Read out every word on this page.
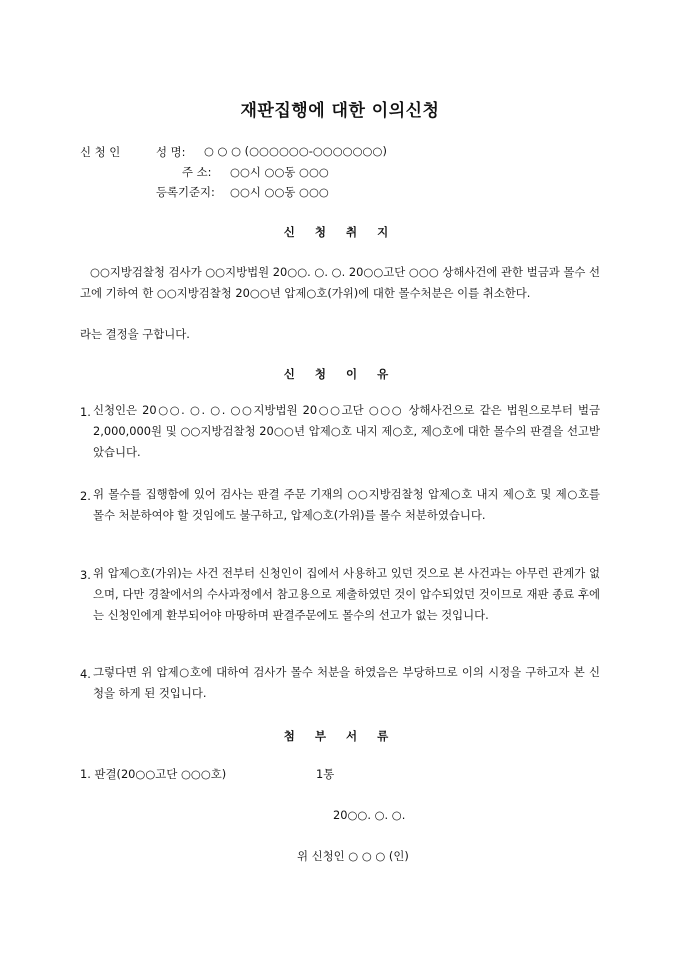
재판집행에 대한 이의신청
신 청 인	성 명: ○ ○ ○ (○○○○○○-○○○○○○○)
주 소: ○○시 ○○동 ○○○
등록기준지: ○○시 ○○동 ○○○
신 청 취 지
○○지방검찰청 검사가 ○○지방법원 20○○. ○. ○. 20○○고단 ○○○ 상해사건에 관한 벌금과 몰수 선고에 기하여 한 ○○지방검찰청 20○○년 압제○호(가위)에 대한 몰수처분은 이를 취소한다.
라는 결정을 구합니다.
신 청 이 유
1. 신청인은 20○○. ○. ○. ○○지방법원 20○○고단 ○○○ 상해사건으로 같은 법원으로부터 벌금 2,000,000원 및 ○○지방검찰청 20○○년 압제○호 내지 제○호, 제○호에 대한 몰수의 판결을 선고받았습니다.
2. 위 몰수를 집행함에 있어 검사는 판결 주문 기재의 ○○지방검찰청 압제○호 내지 제○호 및 제○호를 몰수 처분하여야 할 것임에도 불구하고, 압제○호(가위)를 몰수 처분하였습니다.
3. 위 압제○호(가위)는 사건 전부터 신청인이 집에서 사용하고 있던 것으로 본 사건과는 아무런 관계가 없으며, 다만 경찰에서의 수사과정에서 참고용으로 제출하였던 것이 압수되었던 것이므로 재판 종료 후에는 신청인에게 환부되어야 마땅하며 판결주문에도 몰수의 선고가 없는 것입니다.
4. 그렇다면 위 압제○호에 대하여 검사가 몰수 처분을 하였음은 부당하므로 이의 시정을 구하고자 본 신청을 하게 된 것입니다.
첨 부 서 류
1. 판결(20○○고단 ○○○호)	1통
20○○. ○. ○.
위 신청인 ○ ○ ○ (인)
